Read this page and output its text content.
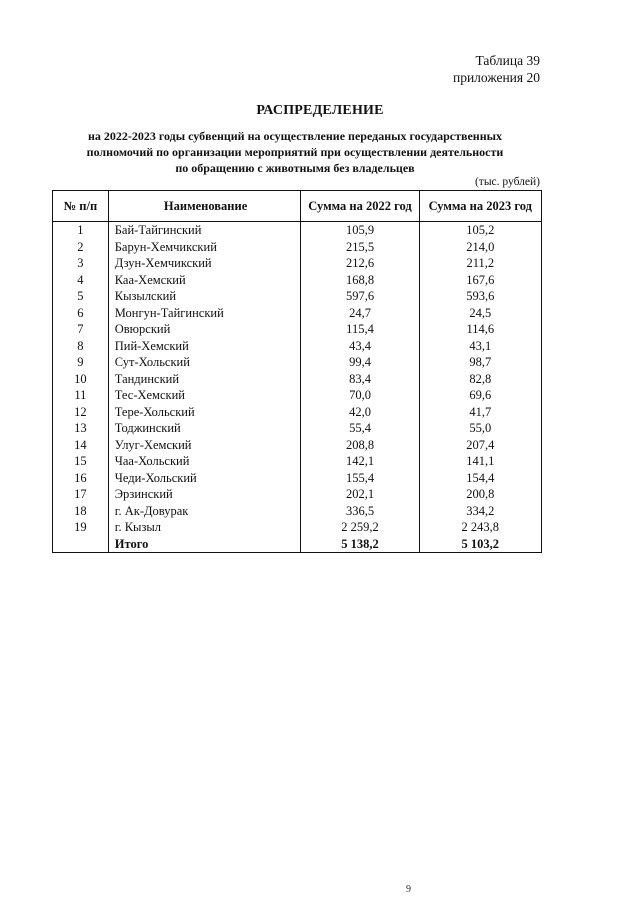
Таблица 39
приложения 20
РАСПРЕДЕЛЕНИЕ
на 2022-2023 годы субвенций на осуществление переданых государственных
полномочий по организации мероприятий при осуществлении деятельности
по обращению с животнымя без владельцев
(тыс. рублей)
№ п/п	Наименование	Сумма на 2022 год	Сумма на 2023 год
1	Бай-Тайгинский	105,9	105,2
2	Барун-Хемчикский	215,5	214,0
3	Дзун-Хемчикский	212,6	211,2
4	Каа-Хемский	168,8	167,6
5	Кызылский	597,6	593,6
6	Монгун-Тайгинский	24,7	24,5
7	Овюрский	115,4	114,6
8	Пий-Хемский	43,4	43,1
9	Сут-Хольский	99,4	98,7
10	Тандинский	83,4	82,8
11	Тес-Хемский	70,0	69,6
12	Тере-Хольский	42,0	41,7
13	Тоджинский	55,4	55,0
14	Улуг-Хемский	208,8	207,4
15	Чаа-Хольский	142,1	141,1
16	Чеди-Хольский	155,4	154,4
17	Эрзинский	202,1	200,8
18	г. Ак-Довурак	336,5	334,2
19	г. Кызыл	2 259,2	2 243,8
	Итого	5 138,2	5 103,2
9
